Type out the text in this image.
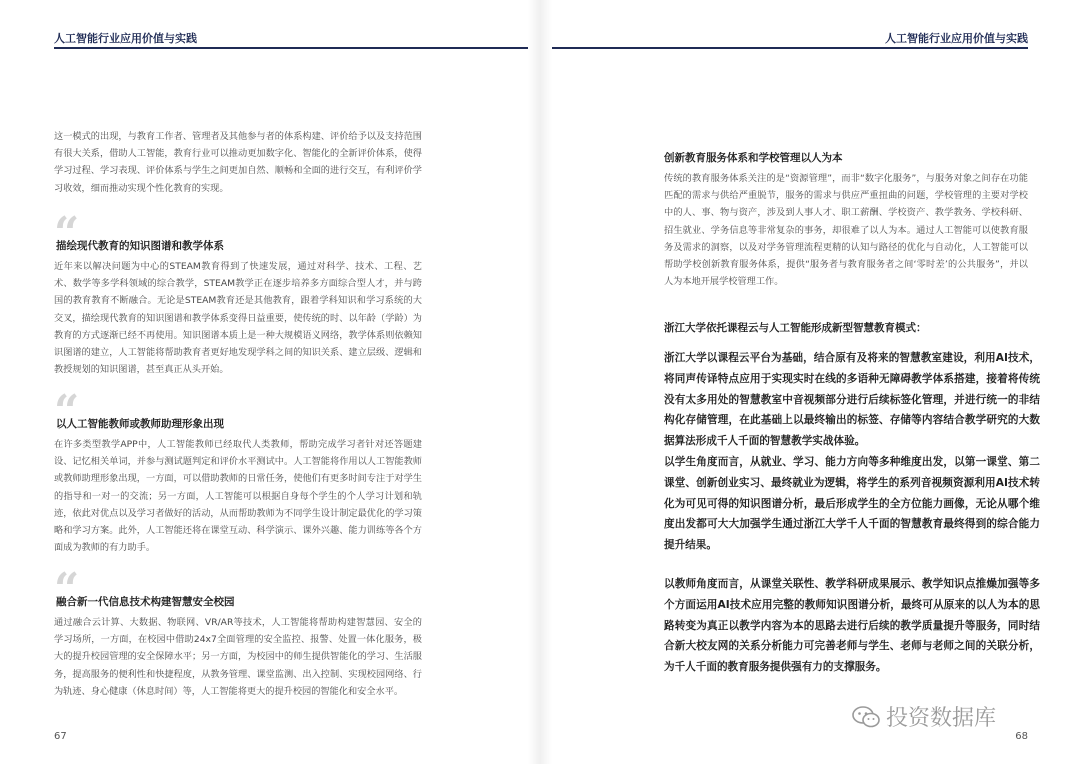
人工智能行业应用价值与实践

这一模式的出现，与教育工作者、管理者及其他参与者的体系构建、评价给予以及支持范围有很大关系，借助人工智能，教育行业可以推动更加数字化、智能化的全新评价体系，使得学习过程、学习表现、评价体系与学生之间更加自然、顺畅和全面的进行交互，有利评价学习收效，细而推动实现个性化教育的实现。

“
描绘现代教育的知识图谱和教学体系

近年来以解决问题为中心的STEAM教育得到了快速发展，通过对科学、技术、工程、艺术、数学等多学科领域的综合教学，STEAM教学正在逐步培养多方面综合型人才，并与跨国的教育教育不断融合。无论是STEAM教育还是其他教育，跟着学科知识和学习系统的大交叉，描绘现代教育的知识图谱和教学体系变得日益重要，使传统的时、以年龄（学龄）为教育的方式逐渐已经不再使用。知识图谱本质上是一种大规模语义网络，教学体系则依赖知识图谱的建立，人工智能将帮助教育者更好地发现学科之间的知识关系、建立层级、逻辑和教授规划的知识图谱，甚至真正从头开始。

“
以人工智能教师或教师助理形象出现

在许多类型教学APP中，人工智能教师已经取代人类教师，帮助完成学习者针对还答题建设、记忆相关单词，并参与测试题判定和评价水平测试中。人工智能将作用以人工智能教师或教师助理形象出现，一方面，可以借助教师的日常任务，使他们有更多时间专注于对学生的指导和一对一的交流；另一方面，人工智能可以根据自身每个学生的个人学习计划和轨迹，依此对优点以及学习者做好的活动，从而帮助教师为不同学生设计制定最优化的学习策略和学习方案。此外，人工智能还将在课堂互动、科学演示、课外兴趣、能力训练等各个方面成为教师的有力助手。

“
融合新一代信息技术构建智慧安全校园

通过融合云计算、大数据、物联网、VR/AR等技术，人工智能将帮助构建智慧园、安全的学习场所，一方面，在校园中借助24x7全面管理的安全监控、报警、处置一体化服务，极大的提升校园管理的安全保障水平；另一方面，为校园中的师生提供智能化的学习、生活服务，提高服务的便利性和快捷程度，从教务管理、课堂监测、出入控制、实现校园网络、行为轨迹、身心健康（休息时间）等，人工智能将更大的提升校园的智能化和安全水平。

67
人工智能行业应用价值与实践
创新教育服务体系和学校管理以人为本

传统的教育服务体系关注的是“资源管理”，而非“数字化服务”，与服务对象之间存在功能匹配的需求与供给严重脱节，服务的需求与供应严重扭曲的问题，学校管理的主要对学校中的人、事、物与资产，涉及到人事人才、职工薪酬、学校资产、教学教务、学校科研、招生就业、学务信息等非常复杂的事务，却很难了以人为本。通过人工智能可以使教育服务及需求的洞察，以及对学务管理流程更精的认知与路径的优化与自动化，人工智能可以帮助学校创新教育服务体系，提供“服务者与教育服务者之间‘零时差’的公共服务”，并以人为本地开展学校管理工作。

浙江大学依托课程云与人工智能形成新型智慧教育模式：

浙江大学以课程云平台为基础，结合原有及将来的智慧教室建设，利用AI技术，将同声传译特点应用于实现实时在线的多语种无障碍教学体系搭建，接着将传统没有太多用处的智慧教室中音视频部分进行后续标签化管理，并进行统一的非结构化存储管理，在此基础上以最终输出的标签、存储等内容结合教学研究的大数据算法形成千人千面的智慧教学实战体验。

以学生角度而言，从就业、学习、能力方向等多种维度出发，以第一课堂、第二课堂、创新创业实习、最终就业为逻辑，将学生的系列音视频资源利用AI技术转化为可见可得的知识图谱分析，最后形成学生的全方位能力画像，无论从哪个维度出发都可大大加强学生通过浙江大学千人千面的智慧教育最终得到的综合能力提升结果。

以教师角度而言，从课堂关联性、教学科研成果展示、教学知识点推燥加强等多个方面运用AI技术应用完整的教师知识图谱分析，最终可从原来的以人为本的思路转变为真正以教学内容为本的思路去进行后续的教学质量提升等服务，同时结合新大校友网的关系分析能力可完善老师与学生、老师与老师之间的关联分析，为千人千面的教育服务提供强有力的支撑服务。

68
投资数据库
